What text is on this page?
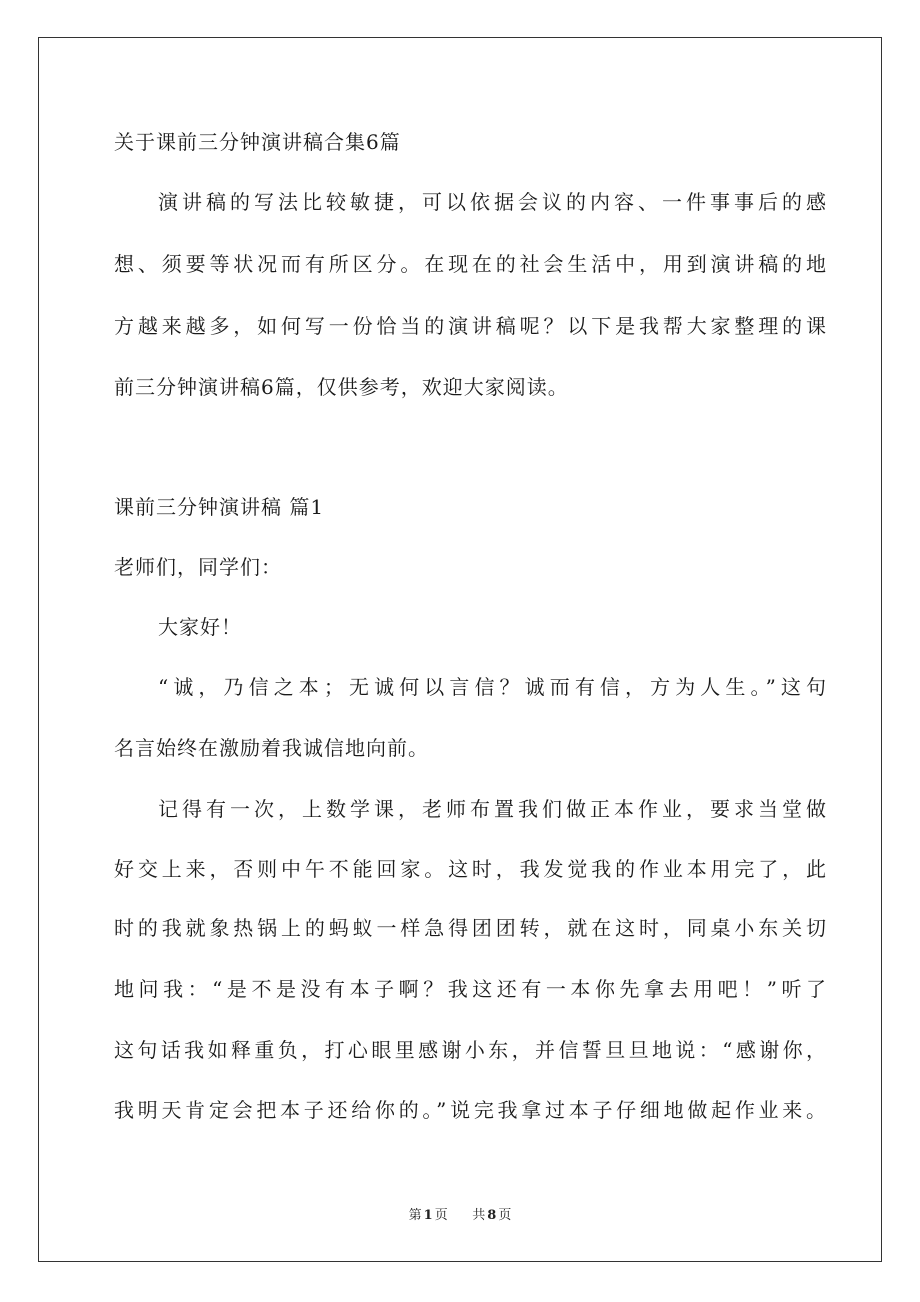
关于课前三分钟演讲稿合集6篇
演讲稿的写法比较敏捷，可以依据会议的内容、一件事事后的感
想、须要等状况而有所区分。在现在的社会生活中，用到演讲稿的地
方越来越多，如何写一份恰当的演讲稿呢？以下是我帮大家整理的课
前三分钟演讲稿6篇，仅供参考，欢迎大家阅读。
课前三分钟演讲稿 篇1
老师们，同学们：
大家好！
“诚，乃信之本；无诚何以言信？诚而有信，方为人生。”这句
名言始终在激励着我诚信地向前。
记得有一次，上数学课，老师布置我们做正本作业，要求当堂做
好交上来，否则中午不能回家。这时，我发觉我的作业本用完了，此
时的我就象热锅上的蚂蚁一样急得团团转，就在这时，同桌小东关切
地问我：“是不是没有本子啊？我这还有一本你先拿去用吧！”听了
这句话我如释重负，打心眼里感谢小东，并信誓旦旦地说：“感谢你，
我明天肯定会把本子还给你的。”说完我拿过本子仔细地做起作业来。
第 1 页 共 8 页
